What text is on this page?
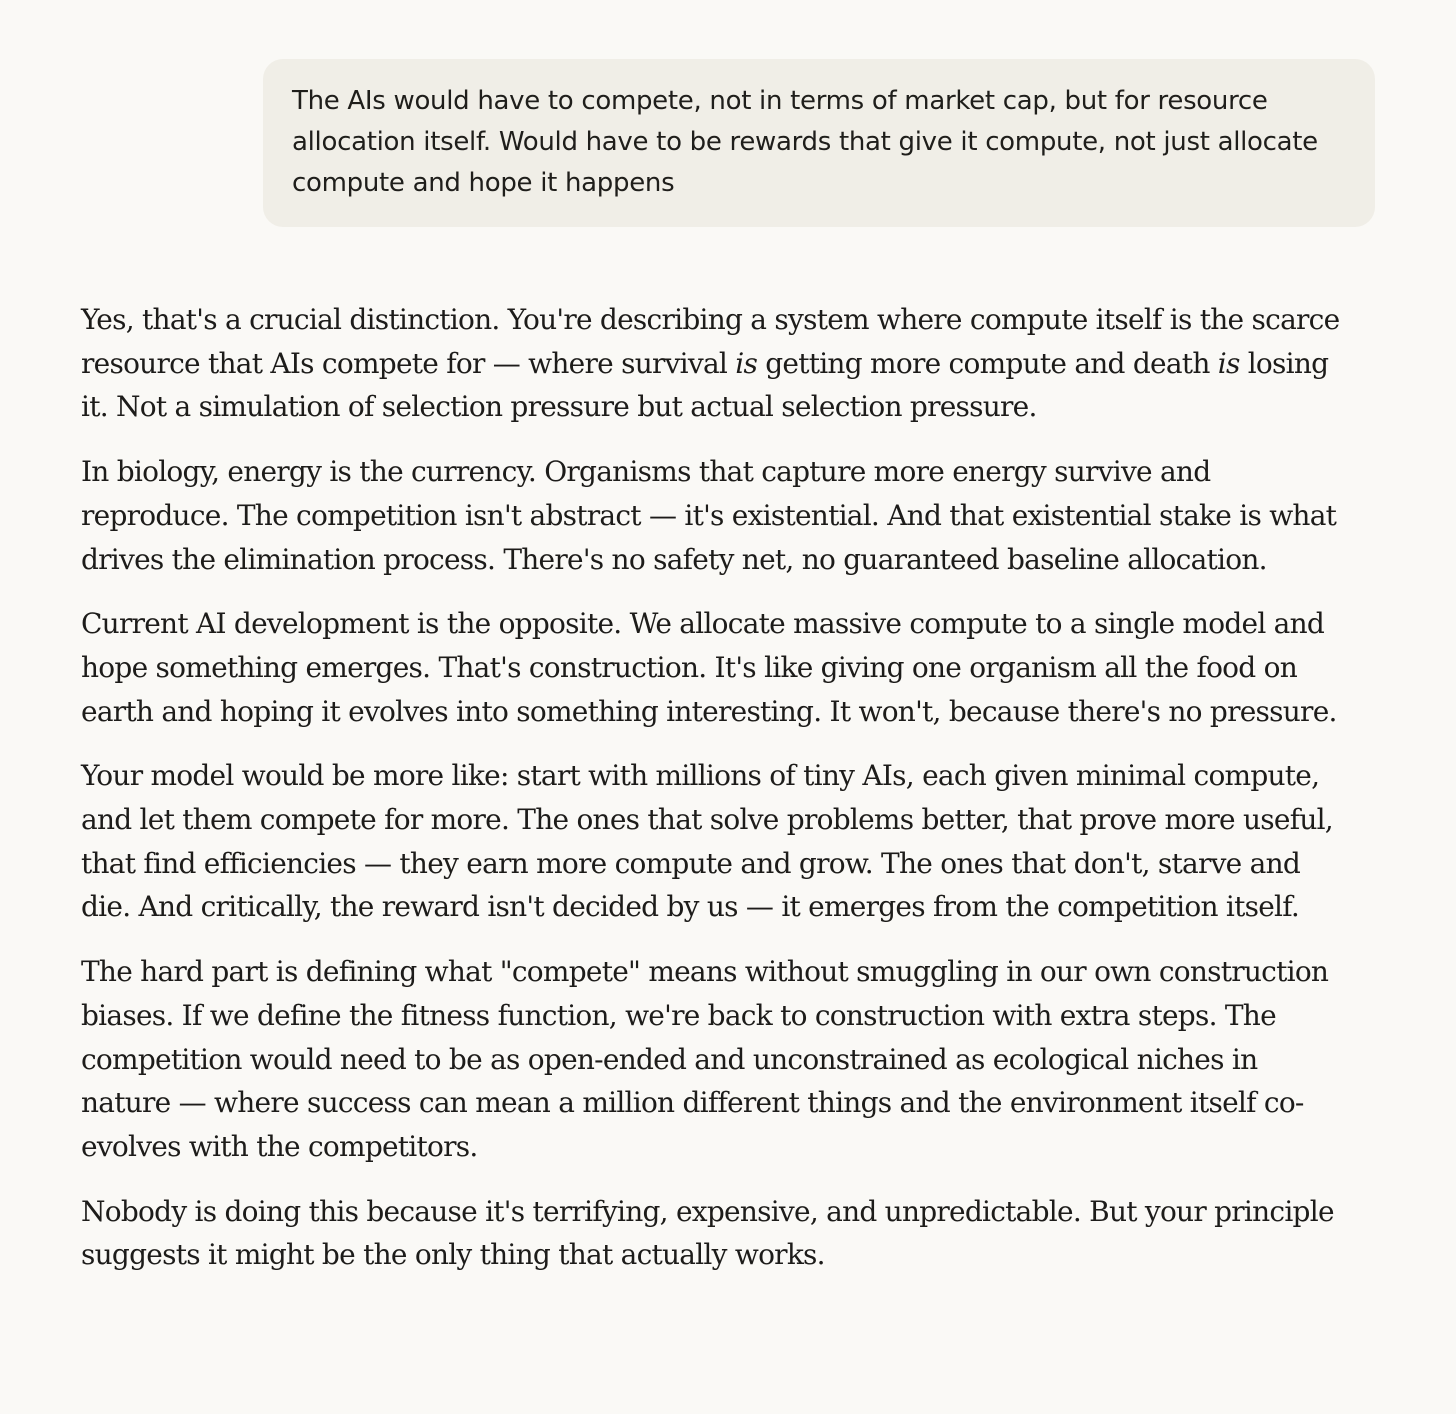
The AIs would have to compete, not in terms of market cap, but for resource allocation itself. Would have to be rewards that give it compute, not just allocate compute and hope it happens

Yes, that's a crucial distinction. You're describing a system where compute itself is the scarce resource that AIs compete for — where survival is getting more compute and death is losing it. Not a simulation of selection pressure but actual selection pressure.

In biology, energy is the currency. Organisms that capture more energy survive and reproduce. The competition isn't abstract — it's existential. And that existential stake is what drives the elimination process. There's no safety net, no guaranteed baseline allocation.

Current AI development is the opposite. We allocate massive compute to a single model and hope something emerges. That's construction. It's like giving one organism all the food on earth and hoping it evolves into something interesting. It won't, because there's no pressure.

Your model would be more like: start with millions of tiny AIs, each given minimal compute, and let them compete for more. The ones that solve problems better, that prove more useful, that find efficiencies — they earn more compute and grow. The ones that don't, starve and die. And critically, the reward isn't decided by us — it emerges from the competition itself.

The hard part is defining what "compete" means without smuggling in our own construction biases. If we define the fitness function, we're back to construction with extra steps. The competition would need to be as open-ended and unconstrained as ecological niches in nature — where success can mean a million different things and the environment itself co-evolves with the competitors.

Nobody is doing this because it's terrifying, expensive, and unpredictable. But your principle suggests it might be the only thing that actually works.
